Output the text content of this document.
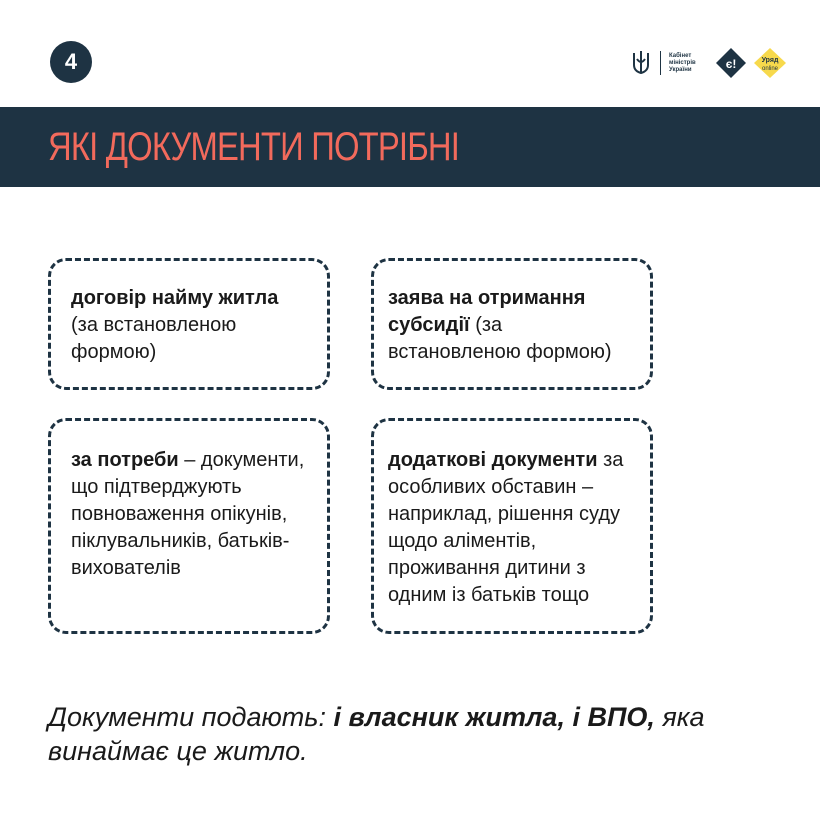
4	Кабінет
міністрів
України	є!	Уряд
online
ЯКІ ДОКУМЕНТИ ПОТРІБНІ
договір найму житла (за встановленою формою)
заява на отримання субсидії (за встановленою формою)
за потреби – документи, що підтверджують повноваження опікунів, піклувальників, батьків-вихователів
додаткові документи за особливих обставин – наприклад, рішення суду щодо аліментів, проживання дитини з одним із батьків тощо
Документи подають: і власник житла, і ВПО, яка винаймає це житло.
